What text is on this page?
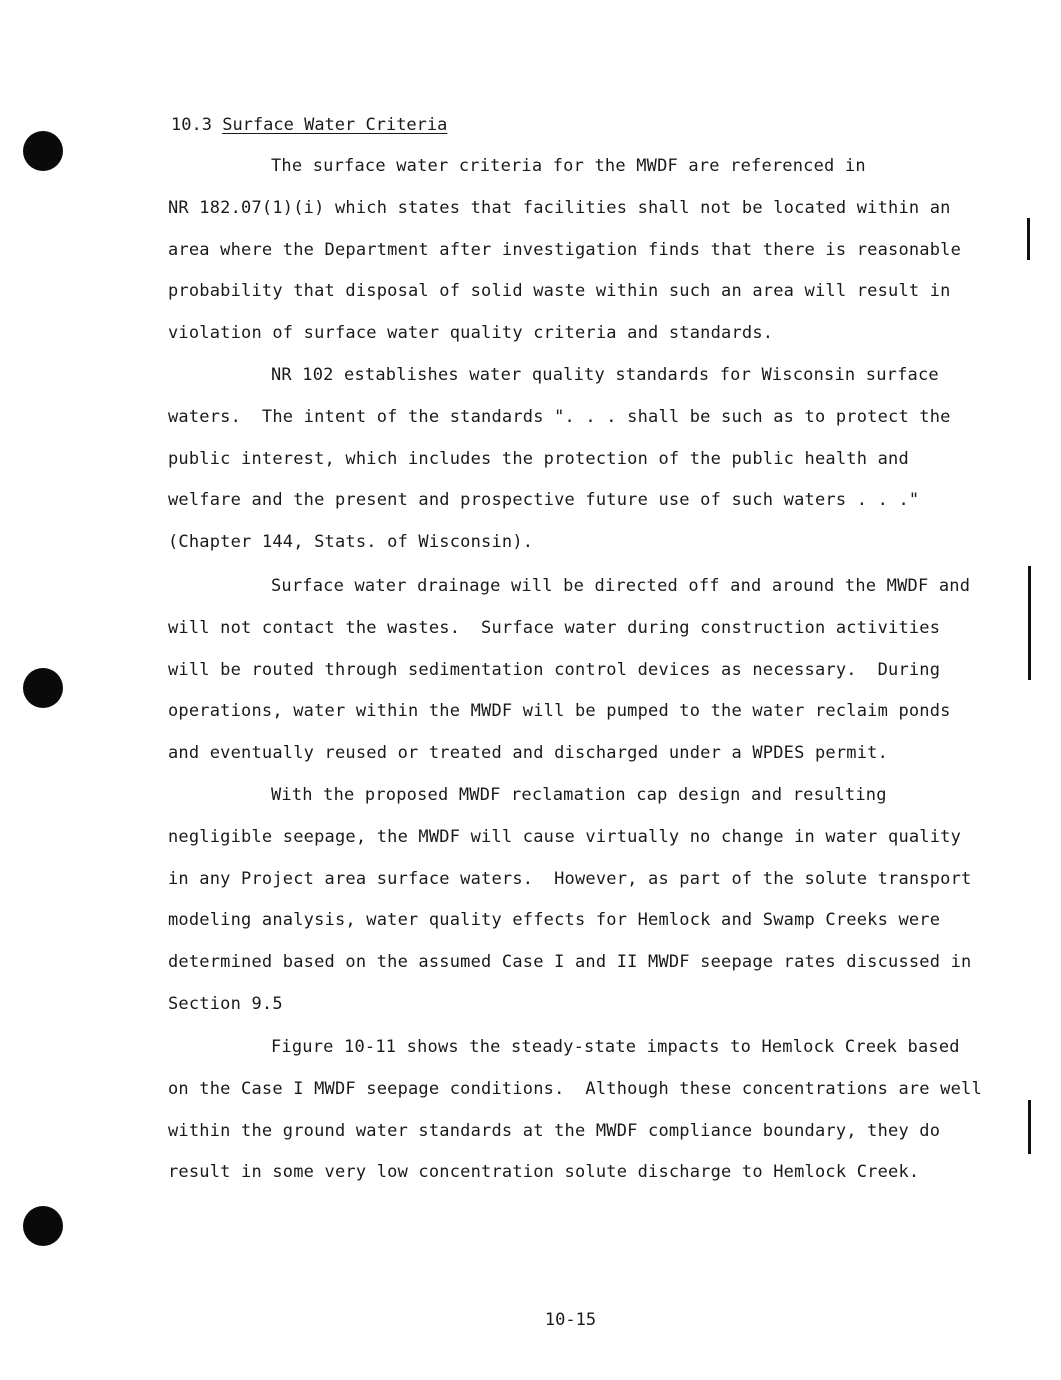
10.3 Surface Water Criteria

The surface water criteria for the MWDF are referenced in
NR 182.07(1)(i) which states that facilities shall not be located within an
area where the Department after investigation finds that there is reasonable
probability that disposal of solid waste within such an area will result in
violation of surface water quality criteria and standards.

NR 102 establishes water quality standards for Wisconsin surface
waters.  The intent of the standards ". . . shall be such as to protect the
public interest, which includes the protection of the public health and
welfare and the present and prospective future use of such waters . . ."
(Chapter 144, Stats. of Wisconsin).

Surface water drainage will be directed off and around the MWDF and
will not contact the wastes.  Surface water during construction activities
will be routed through sedimentation control devices as necessary.  During
operations, water within the MWDF will be pumped to the water reclaim ponds
and eventually reused or treated and discharged under a WPDES permit.

With the proposed MWDF reclamation cap design and resulting
negligible seepage, the MWDF will cause virtually no change in water quality
in any Project area surface waters.  However, as part of the solute transport
modeling analysis, water quality effects for Hemlock and Swamp Creeks were
determined based on the assumed Case I and II MWDF seepage rates discussed in
Section 9.5

Figure 10-11 shows the steady-state impacts to Hemlock Creek based
on the Case I MWDF seepage conditions.  Although these concentrations are well
within the ground water standards at the MWDF compliance boundary, they do
result in some very low concentration solute discharge to Hemlock Creek.

10-15
